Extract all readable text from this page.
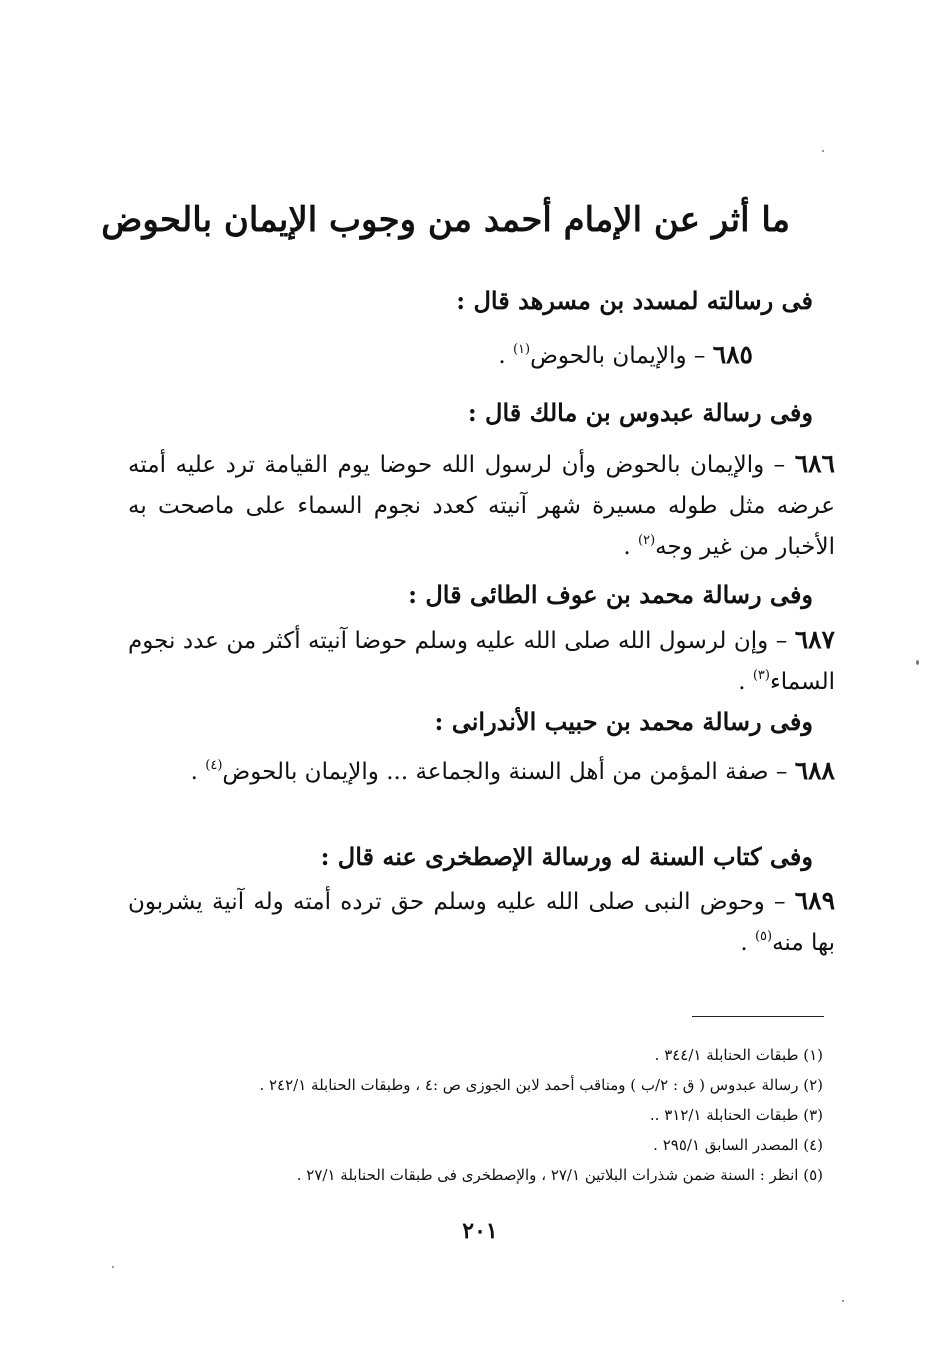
ما أثر عن الإمام أحمد من وجوب الإيمان بالحوض
فى رسالته لمسدد بن مسرهد قال :
٦٨٥ – والإيمان بالحوض$^{(١)}$ .
وفى رسالة عبدوس بن مالك قال :
٦٨٦ – والإيمان بالحوض وأن لرسول الله حوضا يوم القيامة ترد عليه أمته عرضه مثل طوله مسيرة شهر آنيته كعدد نجوم السماء على ماصحت به الأخبار من غير وجه$^{(٢)}$ .
وفى رسالة محمد بن عوف الطائى قال :
٦٨٧ – وإن لرسول الله صلى الله عليه وسلم حوضا آنيته أكثر من عدد نجوم السماء$^{(٣)}$ .
وفى رسالة محمد بن حبيب الأندرانى :
٦٨٨ – صفة المؤمن من أهل السنة والجماعة ... والإيمان بالحوض$^{(٤)}$ .
وفى كتاب السنة له ورسالة الإصطخرى عنه قال :
٦٨٩ – وحوض النبى صلى الله عليه وسلم حق ترده أمته وله آنية يشربون بها منه$^{(٥)}$ .
(١) طبقات الحنابلة ٣٤٤/١ .
(٢) رسالة عبدوس ( ق : ٢/ب ) ومناقب أحمد لابن الجوزى ص :٤ ، وطبقات الحنابلة ٢٤٢/١ .
(٣) طبقات الحنابلة ٣١٢/١ ..
(٤) المصدر السابق ٢٩٥/١ .
(٥) انظر : السنة ضمن شذرات البلاتين ٢٧/١ ، والإصطخرى فى طبقات الحنابلة ٢٧/١ .
٢٠١
